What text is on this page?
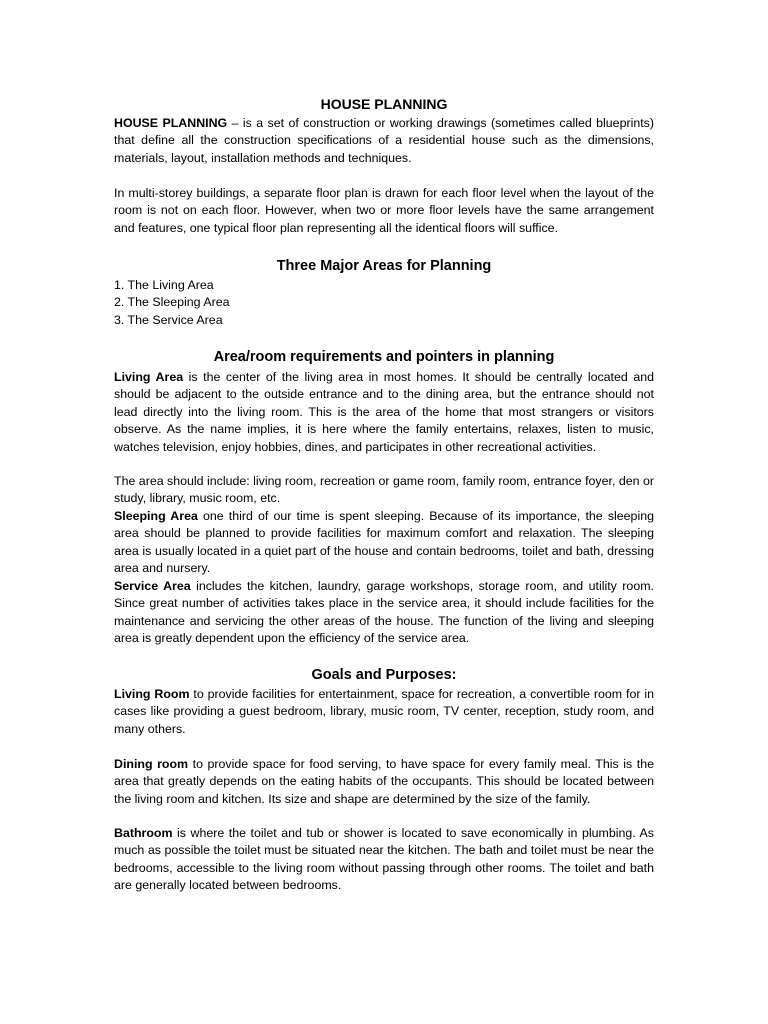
HOUSE PLANNING

HOUSE PLANNING – is a set of construction or working drawings (sometimes called blueprints) that define all the construction specifications of a residential house such as the dimensions, materials, layout, installation methods and techniques.

In multi-storey buildings, a separate floor plan is drawn for each floor level when the layout of the room is not on each floor. However, when two or more floor levels have the same arrangement and features, one typical floor plan representing all the identical floors will suffice.

Three Major Areas for Planning
1. The Living Area
2. The Sleeping Area
3. The Service Area
Area/room requirements and pointers in planning

Living Area is the center of the living area in most homes. It should be centrally located and should be adjacent to the outside entrance and to the dining area, but the entrance should not lead directly into the living room. This is the area of the home that most strangers or visitors observe. As the name implies, it is here where the family entertains, relaxes, listen to music, watches television, enjoy hobbies, dines, and participates in other recreational activities.

The area should include: living room, recreation or game room, family room, entrance foyer, den or study, library, music room, etc.

Sleeping Area one third of our time is spent sleeping. Because of its importance, the sleeping area should be planned to provide facilities for maximum comfort and relaxation. The sleeping area is usually located in a quiet part of the house and contain bedrooms, toilet and bath, dressing area and nursery.

Service Area includes the kitchen, laundry, garage workshops, storage room, and utility room. Since great number of activities takes place in the service area, it should include facilities for the maintenance and servicing the other areas of the house. The function of the living and sleeping area is greatly dependent upon the efficiency of the service area.

Goals and Purposes:

Living Room to provide facilities for entertainment, space for recreation, a convertible room for in cases like providing a guest bedroom, library, music room, TV center, reception, study room, and many others.

Dining room to provide space for food serving, to have space for every family meal. This is the area that greatly depends on the eating habits of the occupants. This should be located between the living room and kitchen. Its size and shape are determined by the size of the family.

Bathroom is where the toilet and tub or shower is located to save economically in plumbing. As much as possible the toilet must be situated near the kitchen. The bath and toilet must be near the bedrooms, accessible to the living room without passing through other rooms. The toilet and bath are generally located between bedrooms.
